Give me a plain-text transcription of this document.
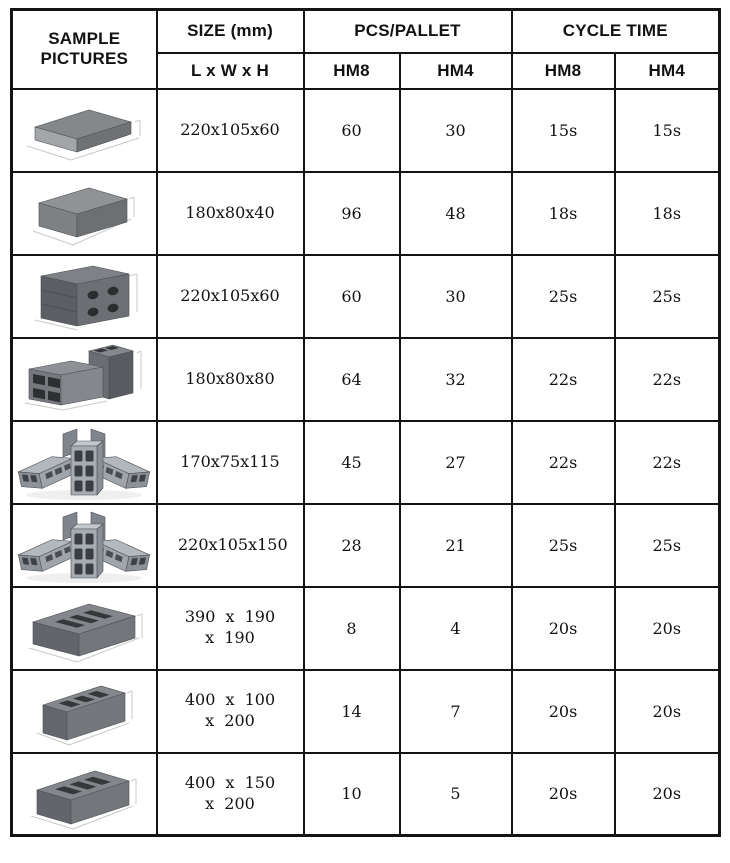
SAMPLE PICTURES	SIZE (mm)	PCS/PALLET		CYCLE TIME	
	L x W x H	HM8	HM4	HM8	HM4

	220x105x60	60	30	15s	15s

	180x80x40	96	48	18s	18s

	220x105x60	60	30	25s	25s

	180x80x80	64	32	22s	22s

	170x75x115	45	27	22s	22s

	220x105x150	28	21	25s	25s

	390 x 190 x 190	8	4	20s	20s

	400 x 100 x 200	14	7	20s	20s

	400 x 150 x 200	10	5	20s	20s
